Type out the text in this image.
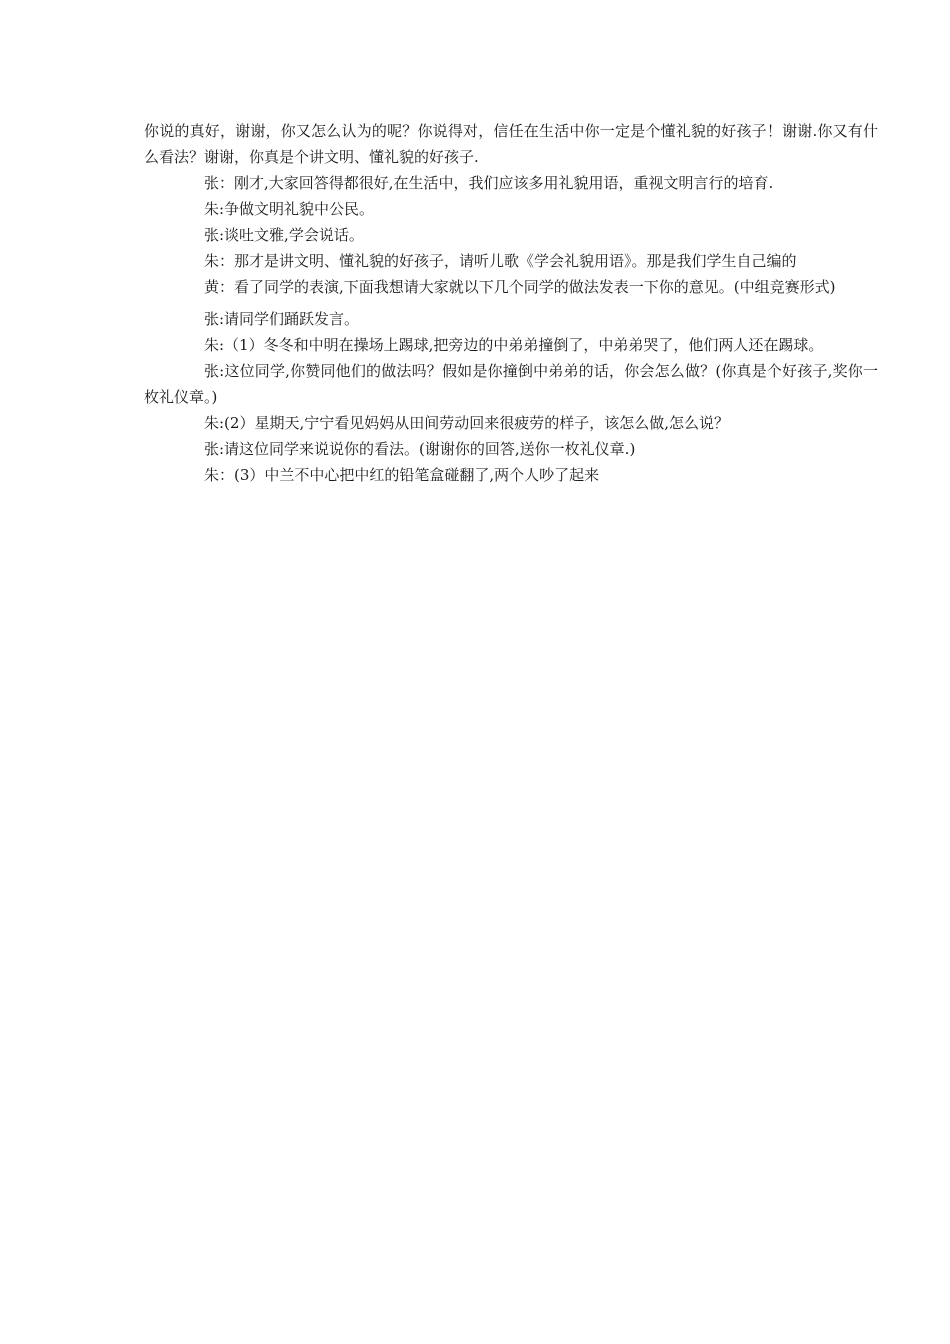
你说的真好，谢谢，你又怎么认为的呢？你说得对，信任在生活中你一定是个懂礼貌的好孩子！谢谢.你又有什么看法？谢谢，你真是个讲文明、懂礼貌的好孩子.

张：刚才,大家回答得都很好,在生活中，我们应该多用礼貌用语，重视文明言行的培育.

朱:争做文明礼貌中公民。

张:谈吐文雅,学会说话。

朱：那才是讲文明、懂礼貌的好孩子，请听儿歌《学会礼貌用语》。那是我们学生自己编的

黄：看了同学的表演,下面我想请大家就以下几个同学的做法发表一下你的意见。(中组竞赛形式)

张:请同学们踊跃发言。

朱:（1）冬冬和中明在操场上踢球,把旁边的中弟弟撞倒了，中弟弟哭了，他们两人还在踢球。

张:这位同学,你赞同他们的做法吗？假如是你撞倒中弟弟的话，你会怎么做？(你真是个好孩子,奖你一枚礼仪章。)

朱:(2）星期天,宁宁看见妈妈从田间劳动回来很疲劳的样子，该怎么做,怎么说？

张:请这位同学来说说你的看法。(谢谢你的回答,送你一枚礼仪章.)

朱：(3）中兰不中心把中红的铅笔盒碰翻了,两个人吵了起来
